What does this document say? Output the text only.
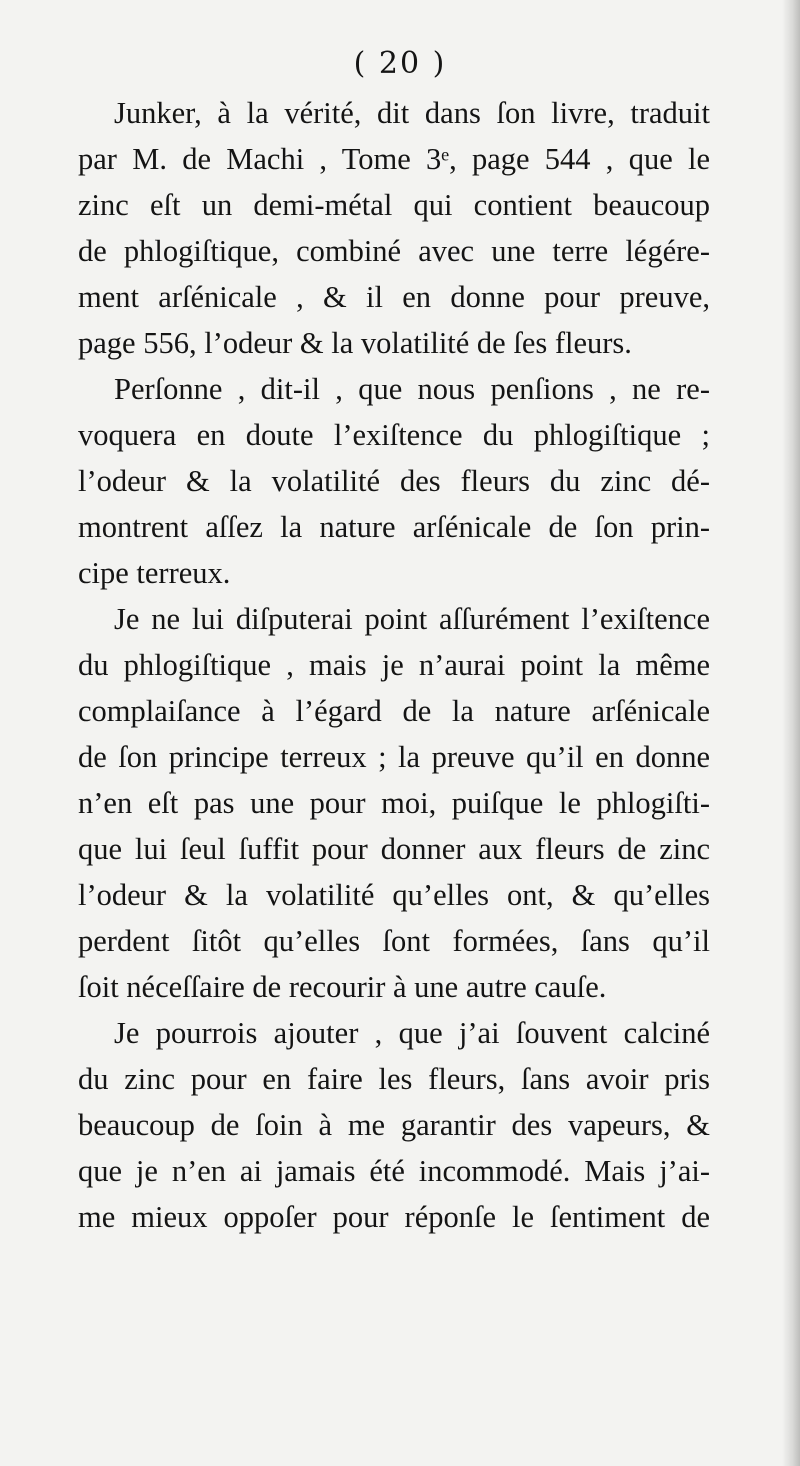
( 20 )
Junker, à la vérité, dit dans ſon livre, traduit
par M. de Machi , Tome 3ᵉ, page 544 , que le
zinc eſt un demi-métal qui contient beaucoup
de phlogiſtique, combiné avec une terre légére-
ment arſénicale , & il en donne pour preuve,
page 556, l’odeur & la volatilité de ſes fleurs.
Perſonne , dit-il , que nous penſions , ne re-
voquera en doute l’exiſtence du phlogiſtique ;
l’odeur & la volatilité des fleurs du zinc dé-
montrent aſſez la nature arſénicale de ſon prin-
cipe terreux.
Je ne lui diſputerai point aſſurément l’exiſtence
du phlogiſtique , mais je n’aurai point la même
complaiſance à l’égard de la nature arſénicale
de ſon principe terreux ; la preuve qu’il en donne
n’en eſt pas une pour moi, puiſque le phlogiſti-
que lui ſeul ſuffit pour donner aux fleurs de zinc
l’odeur & la volatilité qu’elles ont, & qu’elles
perdent ſitôt qu’elles ſont formées, ſans qu’il
ſoit néceſſaire de recourir à une autre cauſe.
Je pourrois ajouter , que j’ai ſouvent calciné
du zinc pour en faire les fleurs, ſans avoir pris
beaucoup de ſoin à me garantir des vapeurs, &
que je n’en ai jamais été incommodé. Mais j’ai-
me mieux oppoſer pour réponſe le ſentiment de
